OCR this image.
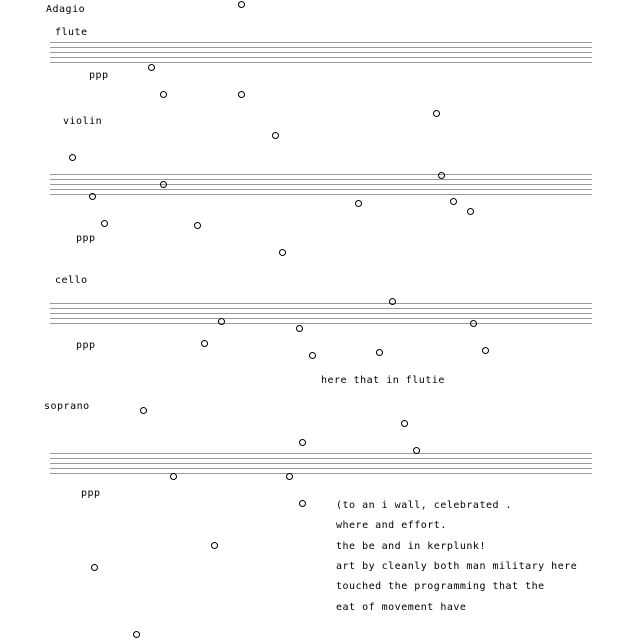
Adagio
flute
ppp
violin
ppp
cello
ppp
here that in flutie
soprano
ppp
(to an i wall, celebrated .
where and effort.
the be and in kerplunk!
art by cleanly both man military here
touched the programming that the
eat of movement have
